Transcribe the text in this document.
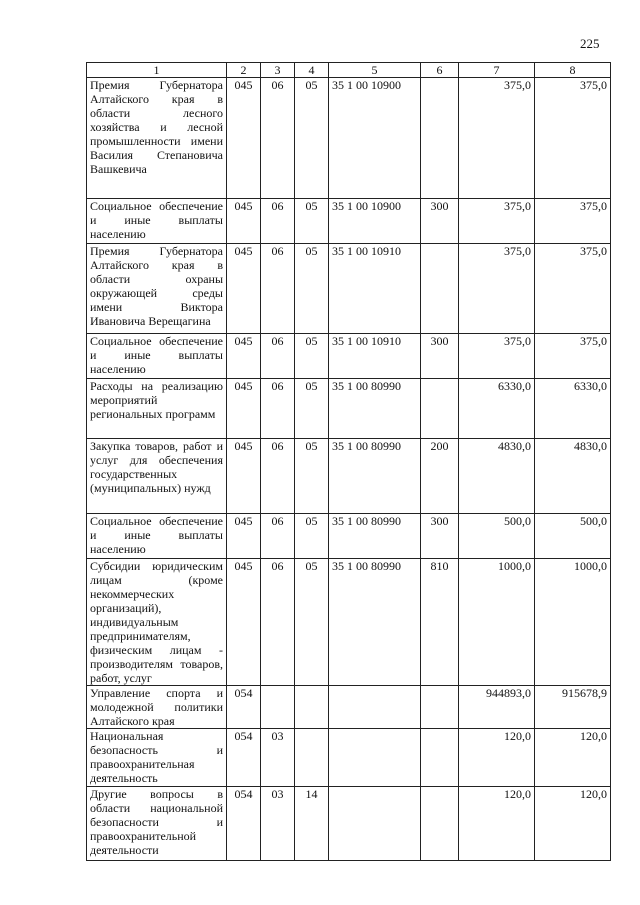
225
1	2	3	4	5	6	7	8
Премия Губернатора Алтайского края в области лесного хозяйства и лесной промышленности имени Василия Степановича Вашкевича	045	06	05	35 1 00 10900		375,0	375,0
Социальное обеспечение и иные выплаты населению	045	06	05	35 1 00 10900	300	375,0	375,0
Премия Губернатора Алтайского края в области охраны окружающей среды имени Виктора Ивановича Верещагина	045	06	05	35 1 00 10910		375,0	375,0
Социальное обеспечение и иные выплаты населению	045	06	05	35 1 00 10910	300	375,0	375,0
Расходы на реализацию мероприятий региональных программ	045	06	05	35 1 00 80990		6330,0	6330,0
Закупка товаров, работ и услуг для обеспечения государственных (муниципальных) нужд	045	06	05	35 1 00 80990	200	4830,0	4830,0
Социальное обеспечение и иные выплаты населению	045	06	05	35 1 00 80990	300	500,0	500,0
Субсидии юридическим лицам (кроме некоммерческих организаций), индивидуальным предпринимателям, физическим лицам - производителям товаров, работ, услуг	045	06	05	35 1 00 80990	810	1000,0	1000,0
Управление спорта и молодежной политики Алтайского края	054					944893,0	915678,9
Национальная безопасность и правоохранительная деятельность	054	03				120,0	120,0
Другие вопросы в области национальной безопасности и правоохранительной деятельности	054	03	14			120,0	120,0
